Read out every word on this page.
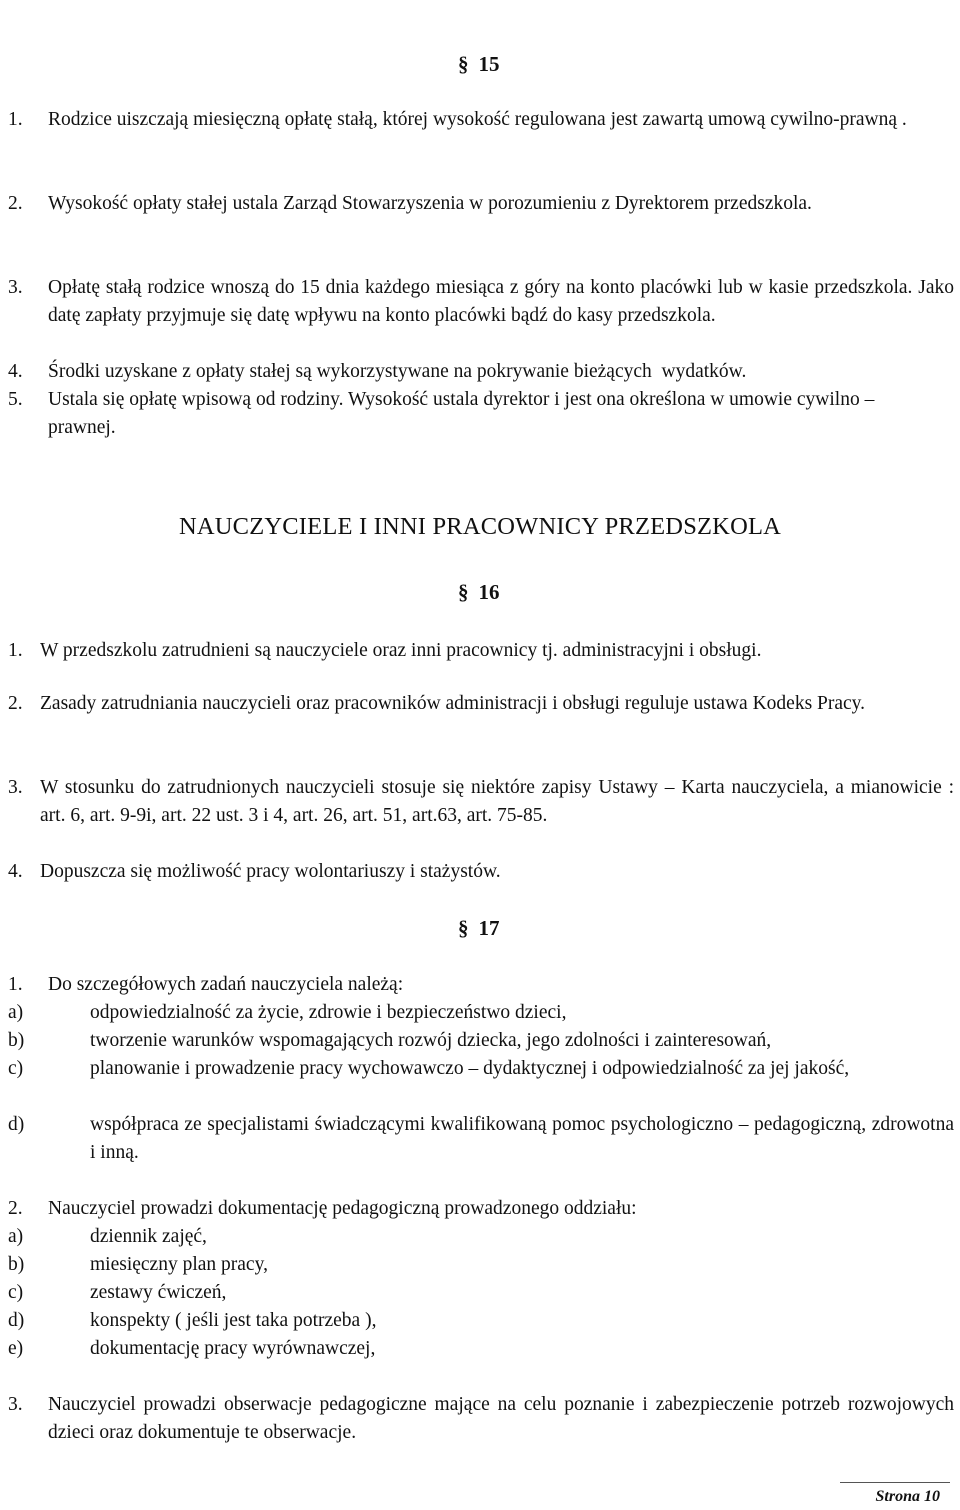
§ 15
1. Rodzice uiszczają miesięczną opłatę stałą, której wysokość regulowana jest zawartą umową cywilno-prawną .
2. Wysokość opłaty stałej ustala Zarząd Stowarzyszenia w porozumieniu z Dyrektorem przedszkola.
3. Opłatę stałą rodzice wnoszą do 15 dnia każdego miesiąca z góry na konto placówki lub w kasie przedszkola. Jako datę zapłaty przyjmuje się datę wpływu na konto placówki bądź do kasy przedszkola.
4. Środki uzyskane z opłaty stałej są wykorzystywane na pokrywanie bieżących  wydatków.
5. Ustala się opłatę wpisową od rodziny. Wysokość ustala dyrektor i jest ona określona w umowie cywilno –prawnej.
NAUCZYCIELE I INNI PRACOWNICY PRZEDSZKOLA
§ 16
1. W przedszkolu zatrudnieni są nauczyciele oraz inni pracownicy tj. administracyjni i obsługi.
2. Zasady zatrudniania nauczycieli oraz pracowników administracji i obsługi reguluje ustawa Kodeks Pracy.
3. W stosunku do zatrudnionych nauczycieli stosuje się niektóre zapisy Ustawy – Karta nauczyciela, a mianowicie : art. 6, art. 9-9i, art. 22 ust. 3 i 4, art. 26, art. 51, art.63, art. 75-85.
4. Dopuszcza się możliwość pracy wolontariuszy i stażystów.
§ 17
1. Do szczegółowych zadań nauczyciela należą:
a)	odpowiedzialność za życie, zdrowie i bezpieczeństwo dzieci,
b)	tworzenie warunków wspomagających rozwój dziecka, jego zdolności i zainteresowań,
c)	planowanie i prowadzenie pracy wychowawczo – dydaktycznej i odpowiedzialność za jej jakość,
d)	współpraca ze specjalistami świadczącymi kwalifikowaną pomoc psychologiczno – pedagogiczną, zdrowotna i inną.
2. Nauczyciel prowadzi dokumentację pedagogiczną prowadzonego oddziału:
a)	dziennik zajęć,
b)	miesięczny plan pracy,
c)	zestawy ćwiczeń,
d)	konspekty ( jeśli jest taka potrzeba ),
e)	dokumentację pracy wyrównawczej,
3. Nauczyciel prowadzi obserwacje pedagogiczne mające na celu poznanie i zabezpieczenie potrzeb rozwojowych dzieci oraz dokumentuje te obserwacje.
Strona 10
